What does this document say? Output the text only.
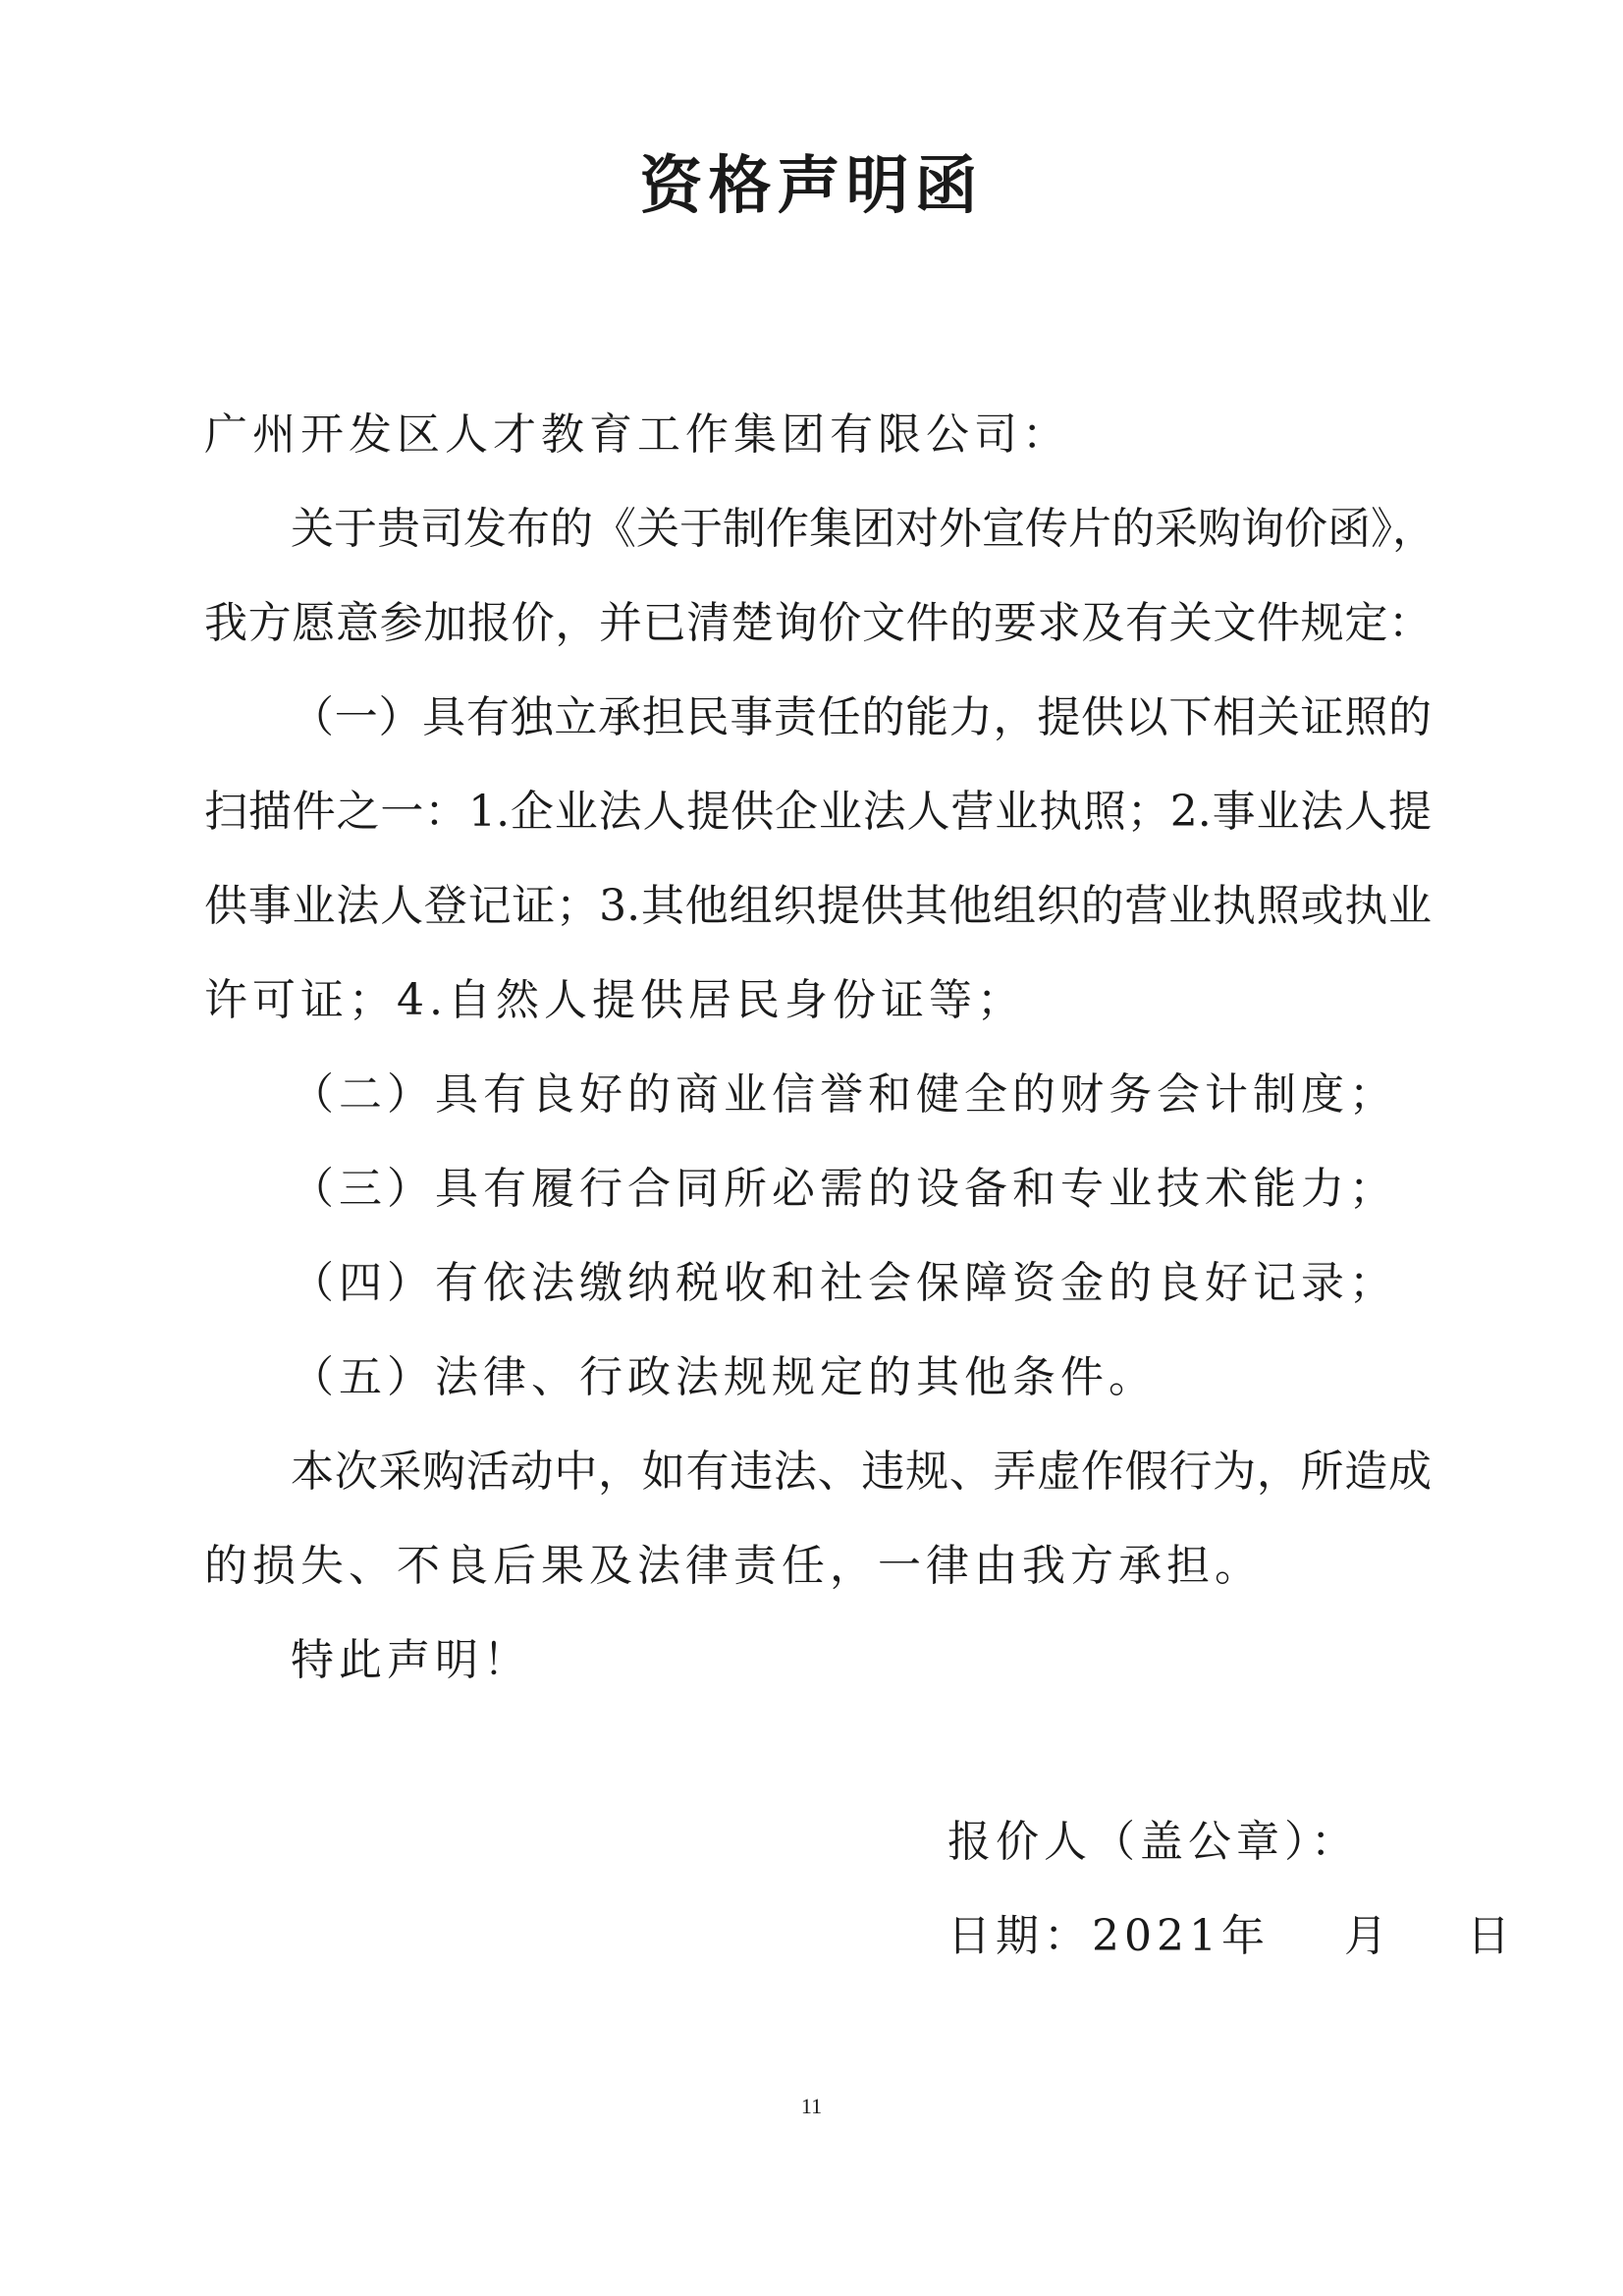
资格声明函
广州开发区人才教育工作集团有限公司：
关于贵司发布的《关于制作集团对外宣传片的采购询价函》，
我方愿意参加报价，并已清楚询价文件的要求及有关文件规定：
（一）具有独立承担民事责任的能力，提供以下相关证照的
扫描件之一：1.企业法人提供企业法人营业执照；2.事业法人提
供事业法人登记证；3.其他组织提供其他组织的营业执照或执业
许可证；4.自然人提供居民身份证等；
（二）具有良好的商业信誉和健全的财务会计制度；
（三）具有履行合同所必需的设备和专业技术能力；
（四）有依法缴纳税收和社会保障资金的良好记录；
（五）法律、行政法规规定的其他条件。
本次采购活动中，如有违法、违规、弄虚作假行为，所造成
的损失、不良后果及法律责任，一律由我方承担。
特此声明！
报价人（盖公章）：
日期：2021年 月 日
11
